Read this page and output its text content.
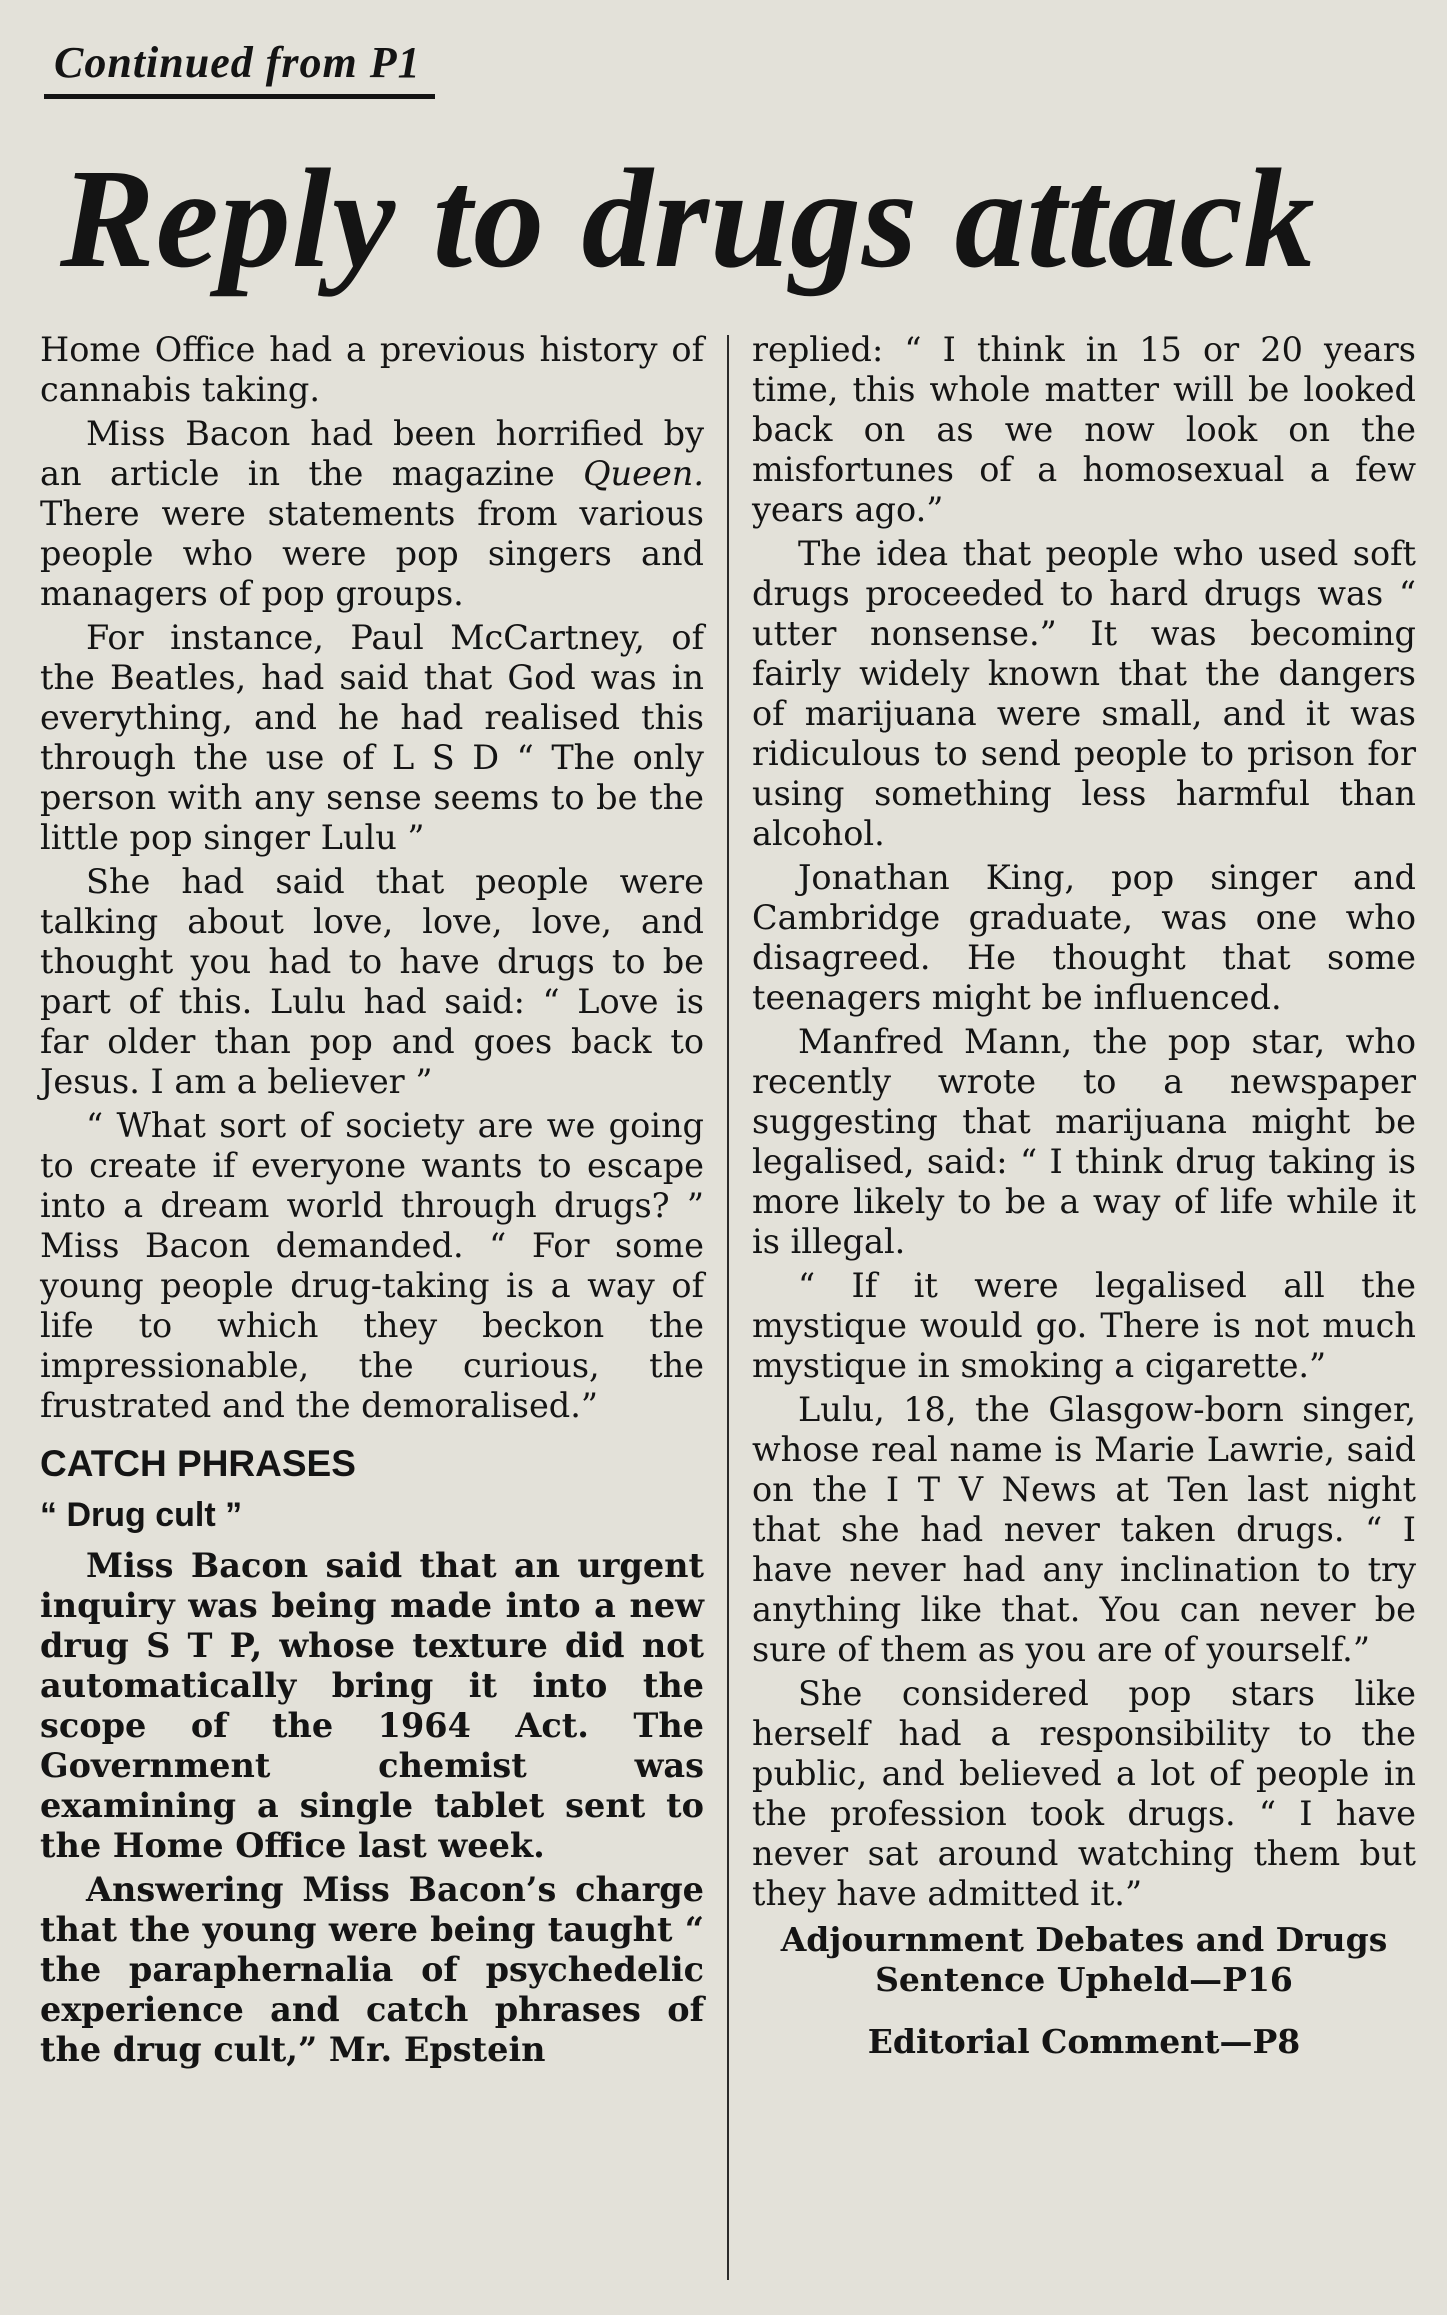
Continued from P1
Reply to drugs attack

Home Office had a previous history of cannabis taking.

Miss Bacon had been horrified by an article in the magazine Queen. There were statements from various people who were pop singers and managers of pop groups.

For instance, Paul McCartney, of the Beatles, had said that God was in everything, and he had realised this through the use of L S D “ The only person with any sense seems to be the little pop singer Lulu ”

She had said that people were talking about love, love, love, and thought you had to have drugs to be part of this. Lulu had said: “ Love is far older than pop and goes back to Jesus. I am a believer ”

“ What sort of society are we going to create if everyone wants to escape into a dream world through drugs? ” Miss Bacon demanded. “ For some young people drug-taking is a way of life to which they beckon the impressionable, the curious, the frustrated and the demoralised.”

CATCH PHRASES
“ Drug cult ”

Miss Bacon said that an urgent inquiry was being made into a new drug S T P, whose texture did not automatically bring it into the scope of the 1964 Act. The Government chemist was examining a single tablet sent to the Home Office last week.

Answering Miss Bacon’s charge that the young were being taught “ the paraphernalia of psychedelic experience and catch phrases of the drug cult,” Mr. Epstein

replied: “ I think in 15 or 20 years time, this whole matter will be looked back on as we now look on the misfortunes of a homosexual a few years ago.”

The idea that people who used soft drugs proceeded to hard drugs was “ utter nonsense.” It was becoming fairly widely known that the dangers of marijuana were small, and it was ridiculous to send people to prison for using something less harmful than alcohol.

Jonathan King, pop singer and Cambridge graduate, was one who disagreed. He thought that some teenagers might be influenced.

Manfred Mann, the pop star, who recently wrote to a newspaper suggesting that marijuana might be legalised, said: “ I think drug taking is more likely to be a way of life while it is illegal.

“ If it were legalised all the mystique would go. There is not much mystique in smoking a cigarette.”

Lulu, 18, the Glasgow-born singer, whose real name is Marie Lawrie, said on the I T V News at Ten last night that she had never taken drugs. “ I have never had any inclination to try anything like that. You can never be sure of them as you are of yourself.”

She considered pop stars like herself had a responsibility to the public, and believed a lot of people in the profession took drugs. “ I have never sat around watching them but they have admitted it.”

Adjournment Debates and Drugs
Sentence Upheld—P16
Editorial Comment—P8
